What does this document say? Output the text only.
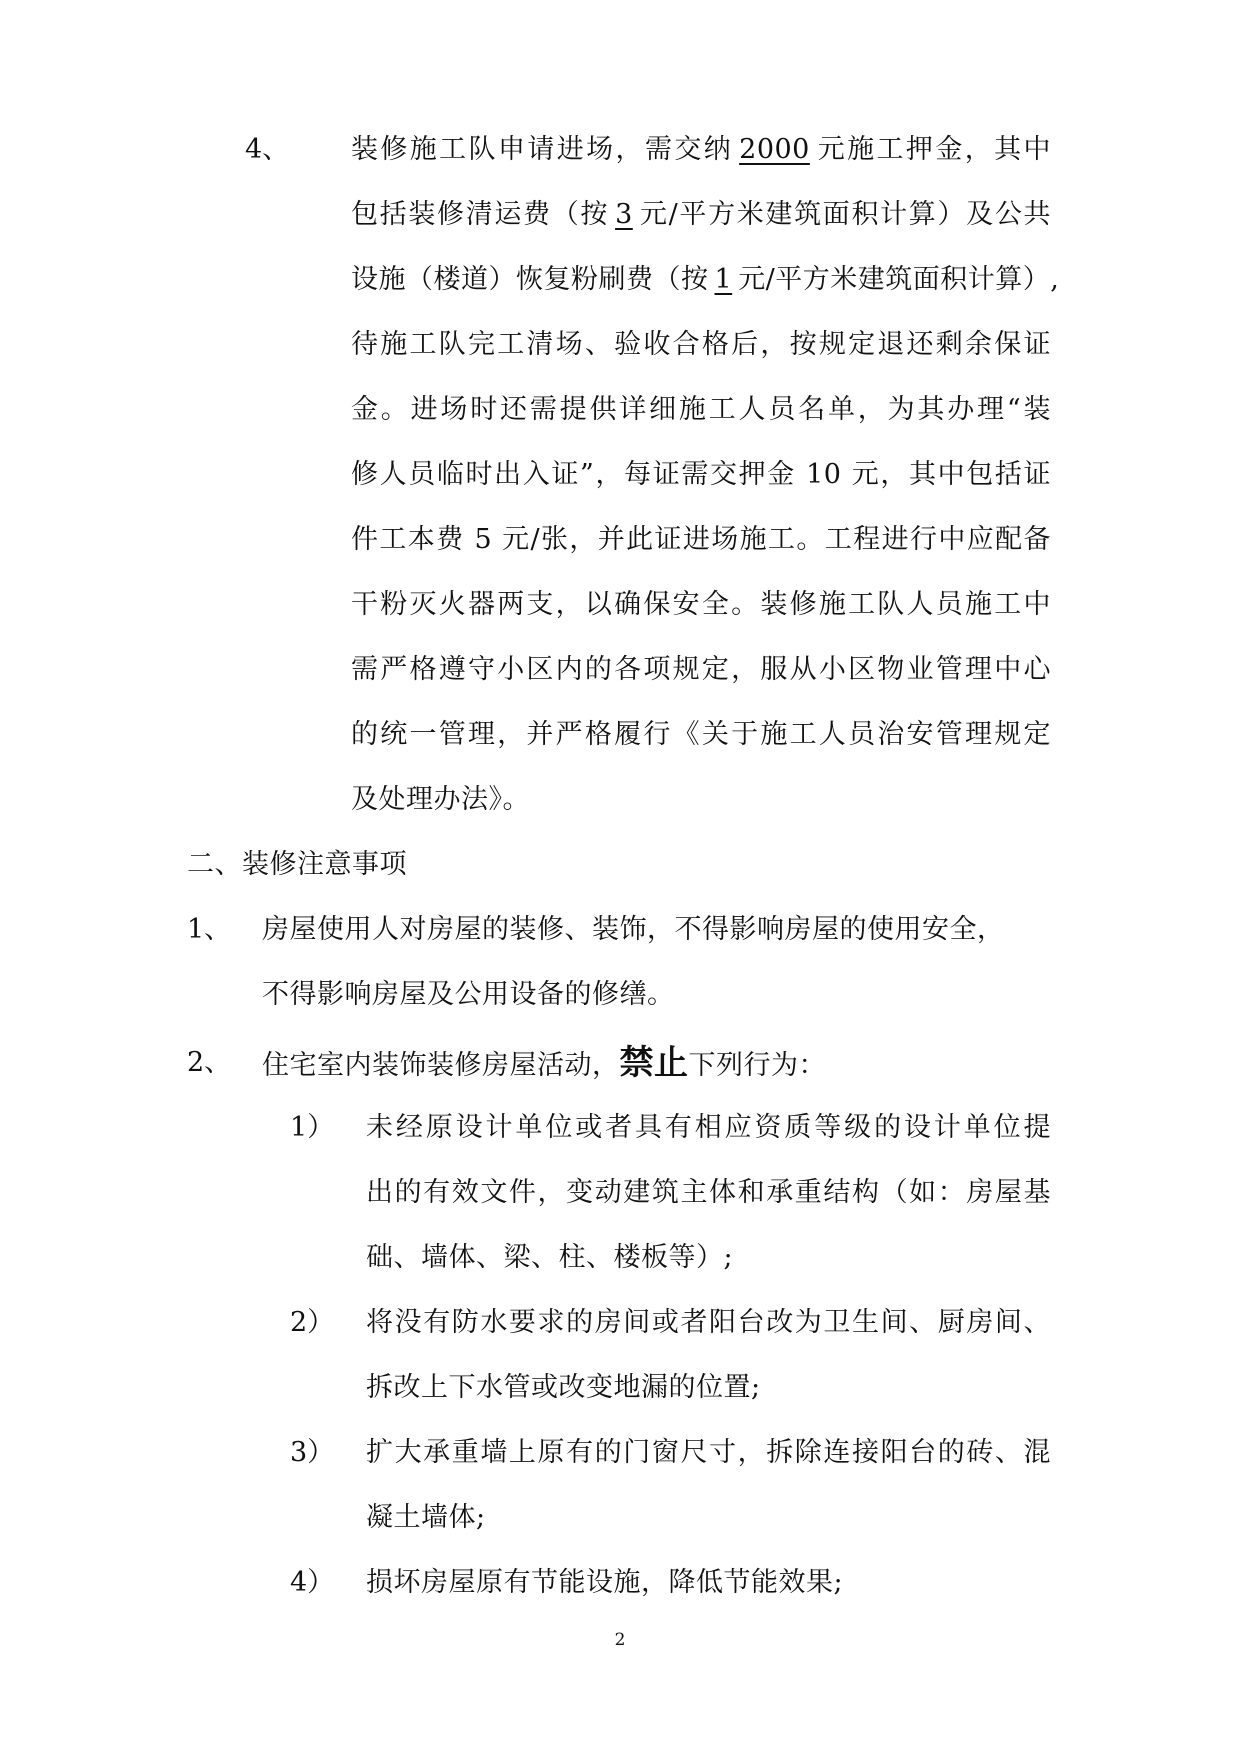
4、 装修施工队申请进场，需交纳 2000 元施工押金，其中
包括装修清运费（按 3 元/平方米建筑面积计算）及公共
设施（楼道）恢复粉刷费（按 1 元/平方米建筑面积计算）,
待施工队完工清场、验收合格后，按规定退还剩余保证
金。进场时还需提供详细施工人员名单，为其办理“装
修人员临时出入证”，每证需交押金 10 元，其中包括证
件工本费 5 元/张，并此证进场施工。工程进行中应配备
干粉灭火器两支，以确保安全。装修施工队人员施工中
需严格遵守小区内的各项规定，服从小区物业管理中心
的统一管理，并严格履行《关于施工人员治安管理规定
及处理办法》。
二、装修注意事项
1、 房屋使用人对房屋的装修、装饰，不得影响房屋的使用安全，
不得影响房屋及公用设备的修缮。
2、 住宅室内装饰装修房屋活动，禁止下列行为：
1） 未经原设计单位或者具有相应资质等级的设计单位提
出的有效文件，变动建筑主体和承重结构（如：房屋基
础、墙体、梁、柱、楼板等）;
2） 将没有防水要求的房间或者阳台改为卫生间、厨房间、
拆改上下水管或改变地漏的位置;
3） 扩大承重墙上原有的门窗尺寸，拆除连接阳台的砖、混
凝土墙体;
4） 损坏房屋原有节能设施，降低节能效果;
2
